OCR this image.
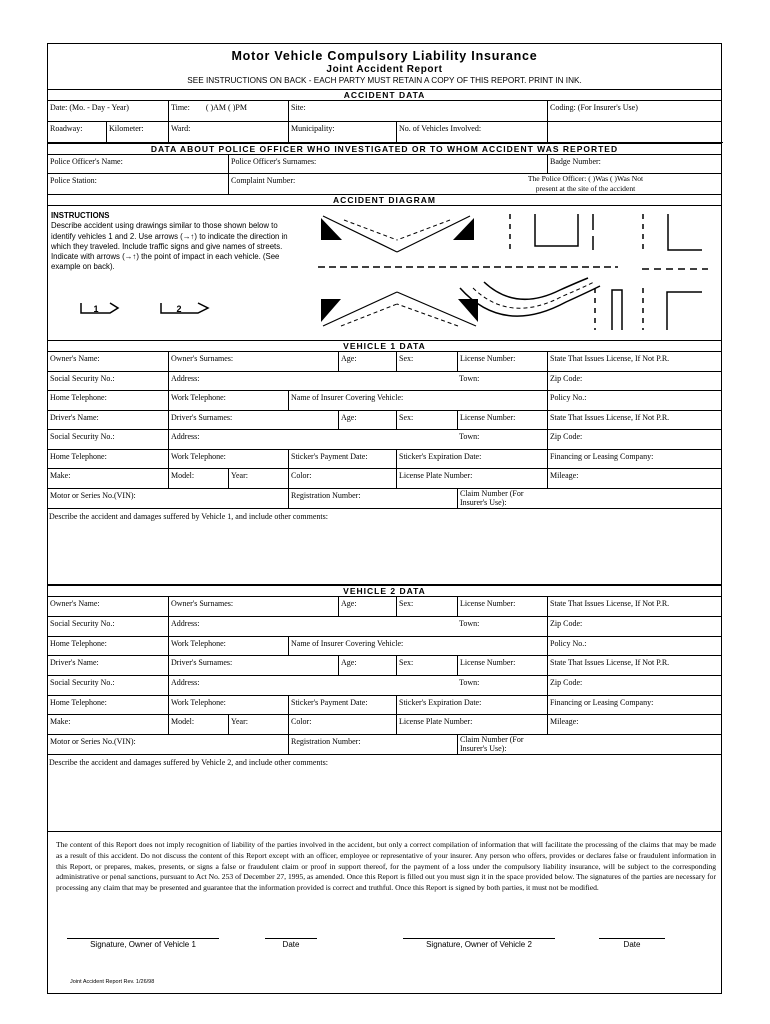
Motor Vehicle Compulsory Liability Insurance
Joint Accident Report
SEE INSTRUCTIONS ON BACK - EACH PARTY MUST RETAIN A COPY OF THIS REPORT. PRINT IN INK.
ACCIDENT DATA
Date: (Mo. - Day - Year)	Time: ( )AM ( )PM	Site:	Coding: (For Insurer's Use)
Roadway:	Kilometer:	Ward:	Municipality:	No. of Vehicles Involved:
DATA ABOUT POLICE OFFICER WHO INVESTIGATED OR TO WHOM ACCIDENT WAS REPORTED
Police Officer's Name:	Police Officer's Surnames:	Badge Number:
Police Station:	Complaint Number:	The Police Officer: ( )Was ( )Was Not
present at the site of the accident
ACCIDENT DIAGRAM
INSTRUCTIONS
Describe accident using drawings similar to those shown below to identify vehicles 1 and 2. Use arrows (→↑) to indicate the direction in which they traveled. Include traffic signs and give names of streets. Indicate with arrows (→↑) the point of impact in each vehicle. (See example on back).
1	2
VEHICLE 1 DATA
Owner's Name:	Owner's Surnames:	Age:	Sex:	License Number:	State That Issues License, If Not P.R.
Social Security No.:	Address:	Town:	Zip Code:
Home Telephone:	Work Telephone:	Name of Insurer Covering Vehicle:	Policy No.:
Driver's Name:	Driver's Surnames:	Age:	Sex:	License Number:	State That Issues License, If Not P.R.
Social Security No.:	Address:	Town:	Zip Code:
Home Telephone:	Work Telephone:	Sticker's Payment Date:	Sticker's Expiration Date:	Financing or Leasing Company:
Make:	Model:	Year:	Color:	License Plate Number:	Mileage:
Motor or Series No.(VIN):	Registration Number:	Claim Number (For
Insurer's Use):
Describe the accident and damages suffered by Vehicle 1, and include other comments:
VEHICLE 2 DATA
Owner's Name:	Owner's Surnames:	Age:	Sex:	License Number:	State That Issues License, If Not P.R.
Social Security No.:	Address:	Town:	Zip Code:
Home Telephone:	Work Telephone:	Name of Insurer Covering Vehicle:	Policy No.:
Driver's Name:	Driver's Surnames:	Age:	Sex:	License Number:	State That Issues License, If Not P.R.
Social Security No.:	Address:	Town:	Zip Code:
Home Telephone:	Work Telephone:	Sticker's Payment Date:	Sticker's Expiration Date:	Financing or Leasing Company:
Make:	Model:	Year:	Color:	License Plate Number:	Mileage:
Motor or Series No.(VIN):	Registration Number:	Claim Number (For
Insurer's Use):
Describe the accident and damages suffered by Vehicle 2, and include other comments:
The content of this Report does not imply recognition of liability of the parties involved in the accident, but only a correct compilation of information that will facilitate the processing of the claims that may be made as a result of this accident. Do not discuss the content of this Report except with an officer, employee or representative of your insurer. Any person who offers, provides or declares false or fraudulent information in this Report, or prepares, makes, presents, or signs a false or fraudulent claim or proof in support thereof, for the payment of a loss under the compulsory liability insurance, will be subject to the corresponding administrative or penal sanctions, pursuant to Act No. 253 of December 27, 1995, as amended. Once this Report is filled out you must sign it in the space provided below. The signatures of the parties are necessary for processing any claim that may be presented and guarantee that the information provided is correct and truthful. Once this Report is signed by both parties, it must not be modified.
Signature, Owner of Vehicle 1	Date	Signature, Owner of Vehicle 2	Date
Joint Accident Report Rev. 1/26/98
